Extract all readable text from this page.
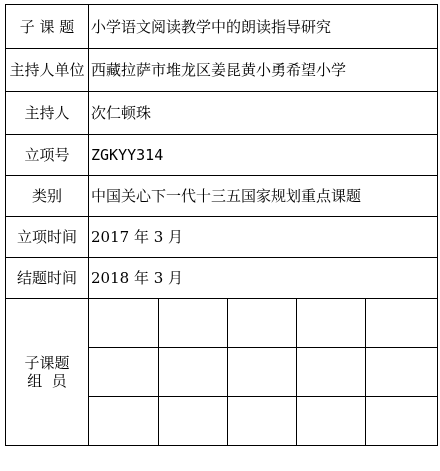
子 课 题	小学语文阅读教学中的朗读指导研究				
主持人单位	西藏拉萨市堆龙区姜昆黄小勇希望小学				
主持人	次仁顿珠				
立项号	ZGKYY314				
类别	中国关心下一代十三五国家规划重点课题				
立项时间	2017 年 3 月				
结题时间	2018 年 3 月				

子课题
组  员					
